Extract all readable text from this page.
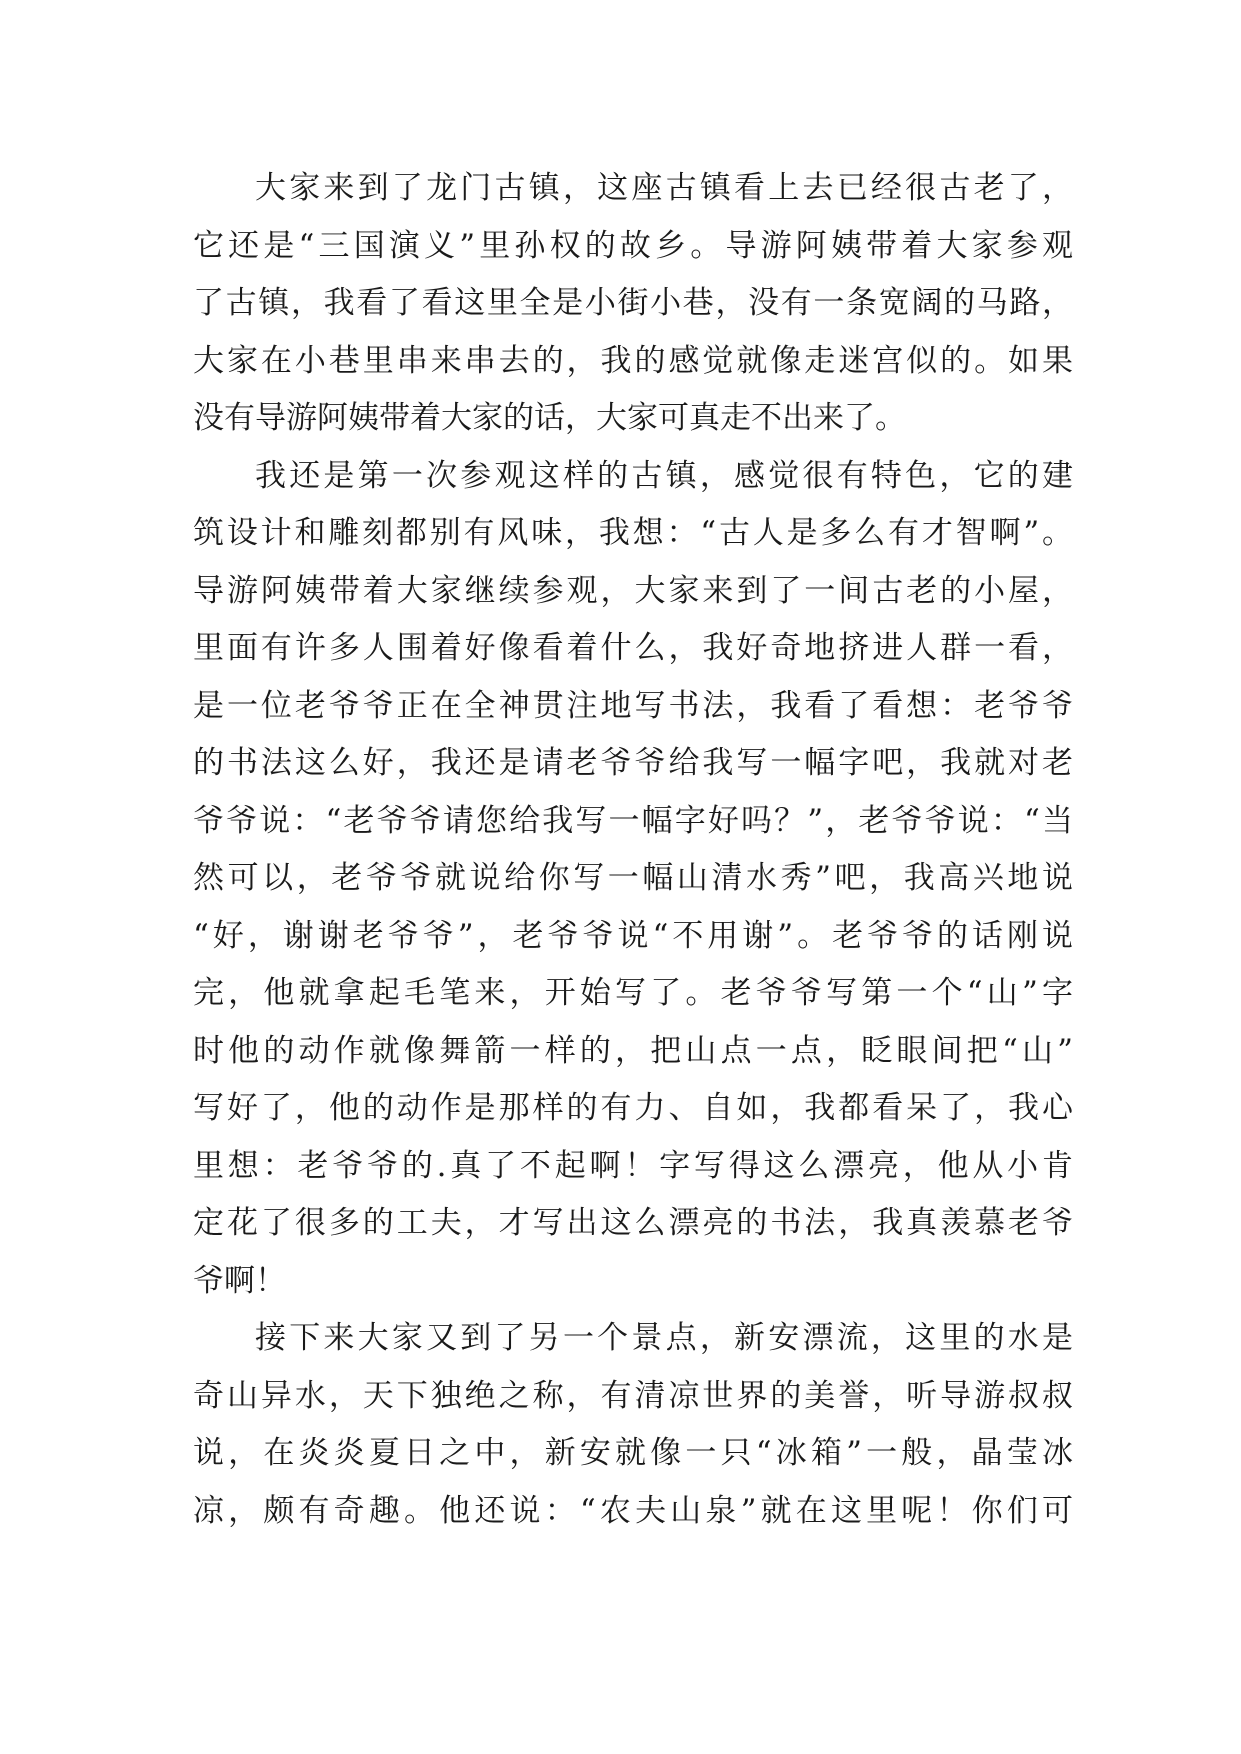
大家来到了龙门古镇，这座古镇看上去已经很古老了，

它还是“三国演义”里孙权的故乡。导游阿姨带着大家参观

了古镇，我看了看这里全是小街小巷，没有一条宽阔的马路，

大家在小巷里串来串去的，我的感觉就像走迷宫似的。如果

没有导游阿姨带着大家的话，大家可真走不出来了。

我还是第一次参观这样的古镇，感觉很有特色，它的建

筑设计和雕刻都别有风味，我想：“古人是多么有才智啊”。

导游阿姨带着大家继续参观，大家来到了一间古老的小屋，

里面有许多人围着好像看着什么，我好奇地挤进人群一看，

是一位老爷爷正在全神贯注地写书法，我看了看想：老爷爷

的书法这么好，我还是请老爷爷给我写一幅字吧，我就对老

爷爷说：“老爷爷请您给我写一幅字好吗？”，老爷爷说：“当

然可以，老爷爷就说给你写一幅山清水秀”吧，我高兴地说

“好，谢谢老爷爷”，老爷爷说“不用谢”。老爷爷的话刚说

完，他就拿起毛笔来，开始写了。老爷爷写第一个“山”字

时他的动作就像舞箭一样的，把山点一点，眨眼间把“山”

写好了，他的动作是那样的有力、自如，我都看呆了，我心

里想：老爷爷的.真了不起啊！字写得这么漂亮，他从小肯

定花了很多的工夫，才写出这么漂亮的书法，我真羡慕老爷

爷啊！

接下来大家又到了另一个景点，新安漂流，这里的水是

奇山异水，天下独绝之称，有清凉世界的美誉，听导游叔叔

说，在炎炎夏日之中，新安就像一只“冰箱”一般，晶莹冰

凉，颇有奇趣。他还说：“农夫山泉”就在这里呢！你们可
